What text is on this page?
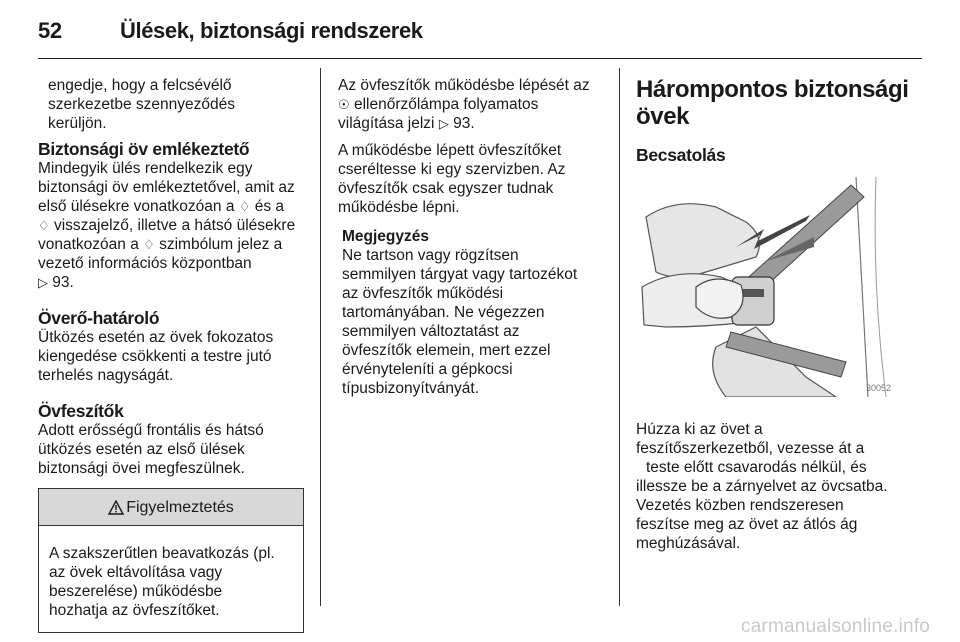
52	Ülések, biztonsági rendszerek
engedje, hogy a felcsévélő
szerkezetbe szennyeződés
kerüljön.
Biztonsági öv emlékeztető
Mindegyik ülés rendelkezik egy
biztonsági öv emlékeztetővel, amit az
első ülésekre vonatkozóan a ♢ és a
♢ visszajelző, illetve a hátsó ülésekre
vonatkozóan a ♢ szimbólum jelez a
vezető információs központban
▷ 93.
Överő-határoló
Ütközés esetén az övek fokozatos
kiengedése csökkenti a testre jutó
terhelés nagyságát.
Övfeszítők
Adott erősségű frontális és hátsó
ütközés esetén az első ülések
biztonsági övei megfeszülnek.
Figyelmeztetés
A szakszerűtlen beavatkozás (pl.
az övek eltávolítása vagy
beszerelése) működésbe
hozhatja az övfeszítőket.

Az övfeszítők működésbe lépését az
☉ ellenőrzőlámpa folyamatos
világítása jelzi ▷ 93.

A működésbe lépett övfeszítőket
cseréltesse ki egy szervizben. Az
övfeszítők csak egyszer tudnak
működésbe lépni.

Megjegyzés
Ne tartson vagy rögzítsen
semmilyen tárgyat vagy tartozékot
az övfeszítők működési
tartományában. Ne végezzen
semmilyen változtatást az
övfeszítők elemein, mert ezzel
érvényteleníti a gépkocsi
típusbizonyítványát.
Hárompontos biztonsági
övek
Becsatolás
30052
Húzza ki az övet a
feszítőszerkezetből, vezesse át a
teste előtt csavarodás nélkül, és
illessze be a zárnyelvet az övcsatba.
Vezetés közben rendszeresen
feszítse meg az övet az átlós ág
meghúzásával.
carmanualsonline.info
